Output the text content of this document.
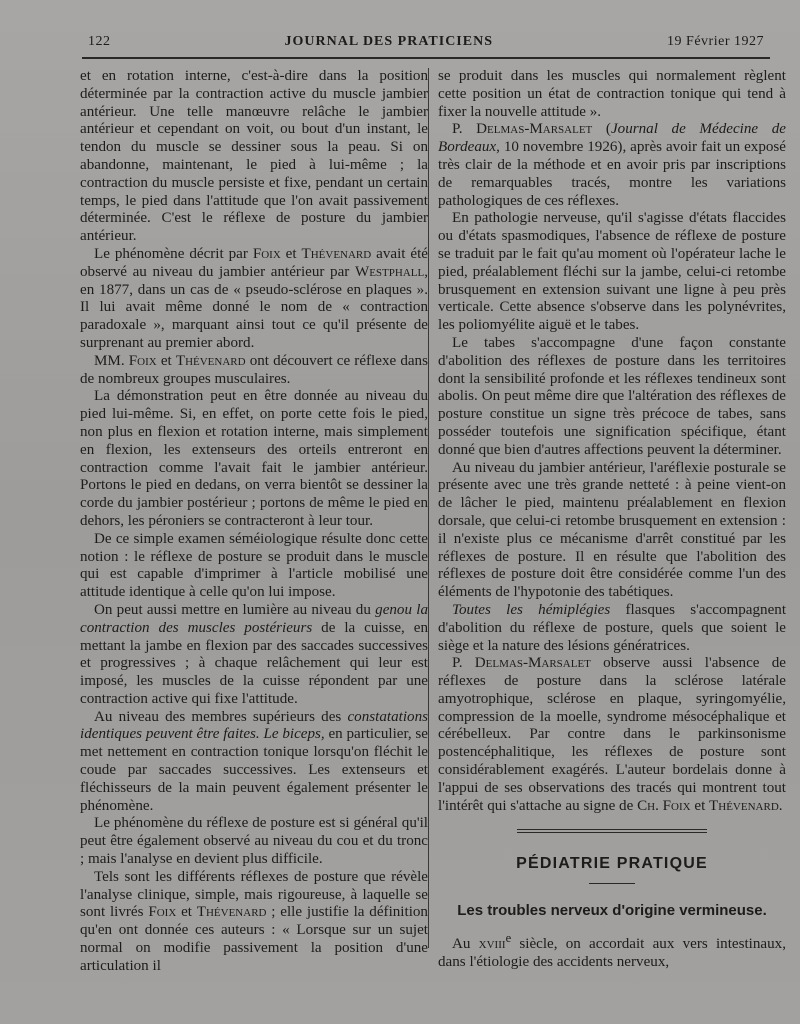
122	JOURNAL DES PRATICIENS	19 Février 1927

et en rotation interne, c'est-à-dire dans la position déterminée par la contraction active du muscle jambier antérieur. Une telle manœuvre relâche le jambier antérieur et cependant on voit, ou bout d'un instant, le tendon du muscle se dessiner sous la peau. Si on abandonne, maintenant, le pied à lui-même ; la contraction du muscle persiste et fixe, pendant un certain temps, le pied dans l'attitude que l'on avait passivement déterminée. C'est le réflexe de posture du jambier antérieur.

Le phénomène décrit par Foix et Thévenard avait été observé au niveau du jambier antérieur par Westphall, en 1877, dans un cas de « pseudo-sclérose en plaques ». Il lui avait même donné le nom de « contraction paradoxale », marquant ainsi tout ce qu'il présente de surprenant au premier abord.

MM. Foix et Thévenard ont découvert ce réflexe dans de nombreux groupes musculaires.

La démonstration peut en être donnée au niveau du pied lui-même. Si, en effet, on porte cette fois le pied, non plus en flexion et rotation interne, mais simplement en flexion, les extenseurs des orteils entreront en contraction comme l'avait fait le jambier antérieur. Portons le pied en dedans, on verra bientôt se dessiner la corde du jambier postérieur ; portons de même le pied en dehors, les péroniers se contracteront à leur tour.

De ce simple examen séméiologique résulte donc cette notion : le réflexe de posture se produit dans le muscle qui est capable d'imprimer à l'article mobilisé une attitude identique à celle qu'on lui impose.

On peut aussi mettre en lumière au niveau du genou la contraction des muscles postérieurs de la cuisse, en mettant la jambe en flexion par des saccades successives et progressives ; à chaque relâchement qui leur est imposé, les muscles de la cuisse répondent par une contraction active qui fixe l'attitude.

Au niveau des membres supérieurs des constatations identiques peuvent être faites. Le biceps, en particulier, se met nettement en contraction tonique lorsqu'on fléchit le coude par saccades successives. Les extenseurs et fléchisseurs de la main peuvent également présenter le phénomène.

Le phénomène du réflexe de posture est si général qu'il peut être également observé au niveau du cou et du tronc ; mais l'analyse en devient plus difficile.

Tels sont les différents réflexes de posture que révèle l'analyse clinique, simple, mais rigoureuse, à laquelle se sont livrés Foix et Thévenard ; elle justifie la définition qu'en ont donnée ces auteurs : « Lorsque sur un sujet normal on modifie passivement la position d'une articulation il

se produit dans les muscles qui normalement règlent cette position un état de contraction tonique qui tend à fixer la nouvelle attitude ».

P. Delmas-Marsalet (Journal de Médecine de Bordeaux, 10 novembre 1926), après avoir fait un exposé très clair de la méthode et en avoir pris par inscriptions de remarquables tracés, montre les variations pathologiques de ces réflexes.

En pathologie nerveuse, qu'il s'agisse d'états flaccides ou d'états spasmodiques, l'absence de réflexe de posture se traduit par le fait qu'au moment où l'opérateur lache le pied, préalablement fléchi sur la jambe, celui-ci retombe brusquement en extension suivant une ligne à peu près verticale. Cette absence s'observe dans les polynévrites, les poliomyélite aiguë et le tabes.

Le tabes s'accompagne d'une façon constante d'abolition des réflexes de posture dans les territoires dont la sensibilité profonde et les réflexes tendineux sont abolis. On peut même dire que l'altération des réflexes de posture constitue un signe très précoce de tabes, sans posséder toutefois une signification spécifique, étant donné que bien d'autres affections peuvent la déterminer.

Au niveau du jambier antérieur, l'aréflexie posturale se présente avec une très grande netteté : à peine vient-on de lâcher le pied, maintenu préalablement en flexion dorsale, que celui-ci retombe brusquement en extension : il n'existe plus ce mécanisme d'arrêt constitué par les réflexes de posture. Il en résulte que l'abolition des réflexes de posture doit être considérée comme l'un des éléments de l'hypotonie des tabétiques.

Toutes les hémiplégies flasques s'accompagnent d'abolition du réflexe de posture, quels que soient le siège et la nature des lésions génératrices.

P. Delmas-Marsalet observe aussi l'absence de réflexes de posture dans la sclérose latérale amyotrophique, sclérose en plaque, syringomyélie, compression de la moelle, syndrome mésocéphalique et cérébelleux. Par contre dans le parkinsonisme postencéphalitique, les réflexes de posture sont considérablement exagérés. L'auteur bordelais donne à l'appui de ses observations des tracés qui montrent tout l'intérêt qui s'attache au signe de Ch. Foix et Thévenard.

PÉDIATRIE PRATIQUE
Les troubles nerveux d'origine vermineuse.

Au xviii$^e$ siècle, on accordait aux vers intestinaux, dans l'étiologie des accidents nerveux,
